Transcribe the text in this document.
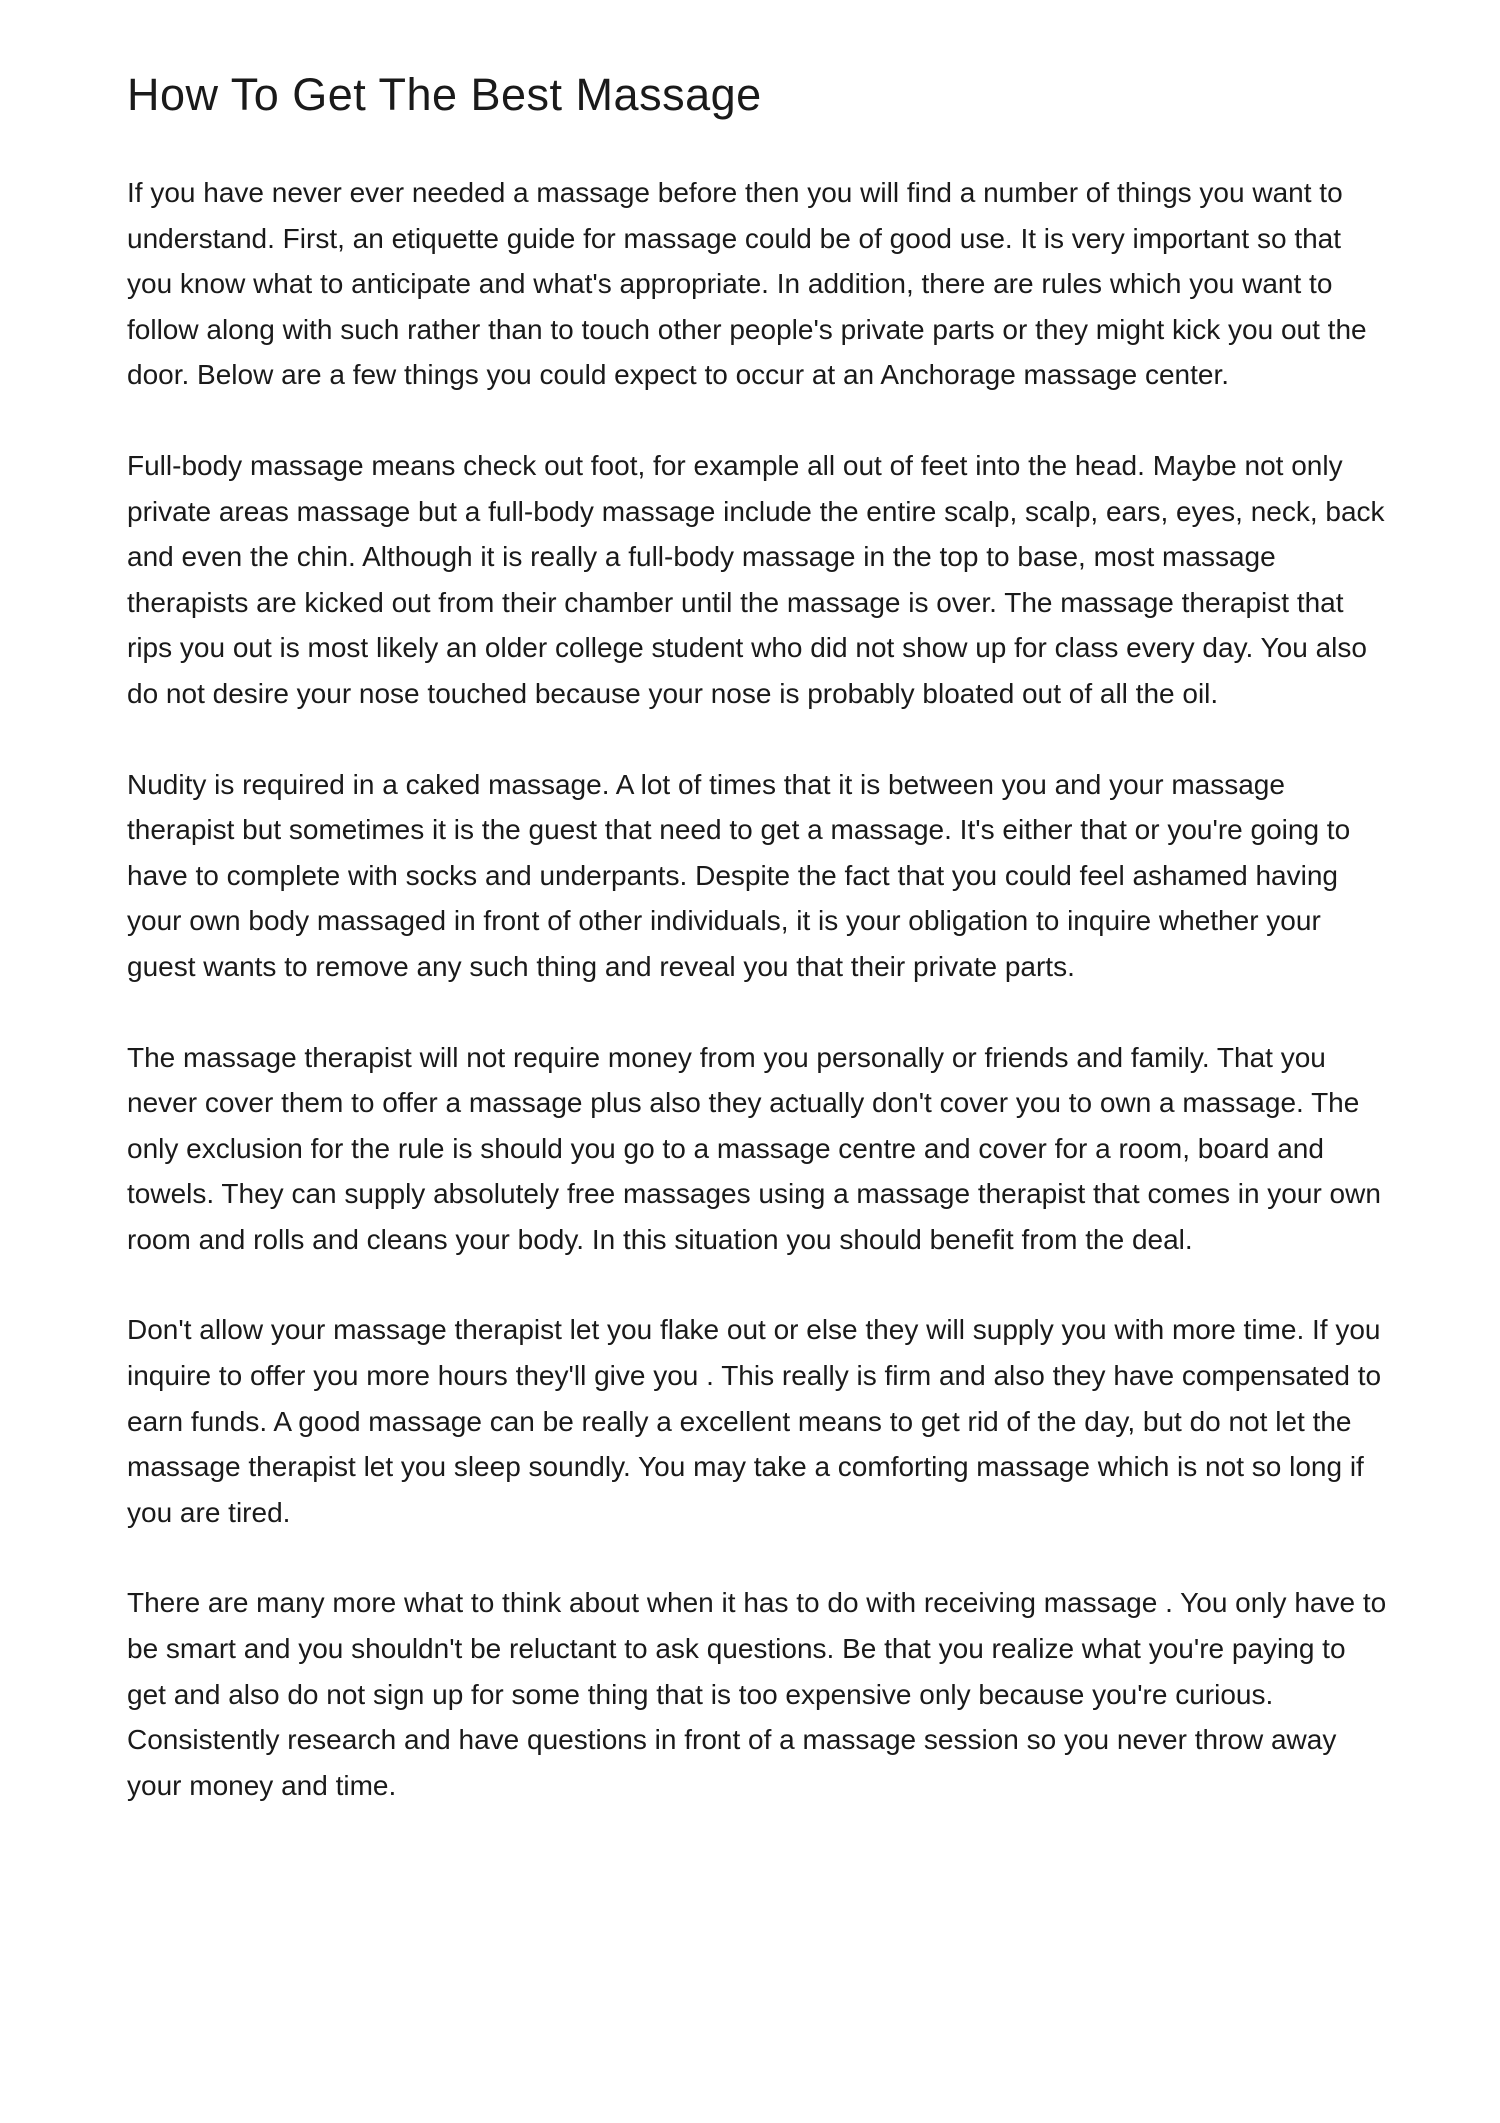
How To Get The Best Massage

If you have never ever needed a massage before then you will find a number of things you want to understand. First, an etiquette guide for massage could be of good use. It is very important so that you know what to anticipate and what's appropriate. In addition, there are rules which you want to follow along with such rather than to touch other people's private parts or they might kick you out the door. Below are a few things you could expect to occur at an Anchorage massage center.

Full-body massage means check out foot, for example all out of feet into the head. Maybe not only private areas massage but a full-body massage include the entire scalp, scalp, ears, eyes, neck, back and even the chin. Although it is really a full-body massage in the top to base, most massage therapists are kicked out from their chamber until the massage is over. The massage therapist that rips you out is most likely an older college student who did not show up for class every day. You also do not desire your nose touched because your nose is probably bloated out of all the oil.

Nudity is required in a caked massage. A lot of times that it is between you and your massage therapist but sometimes it is the guest that need to get a massage. It's either that or you're going to have to complete with socks and underpants. Despite the fact that you could feel ashamed having your own body massaged in front of other individuals, it is your obligation to inquire whether your guest wants to remove any such thing and reveal you that their private parts.

The massage therapist will not require money from you personally or friends and family. That you never cover them to offer a massage plus also they actually don't cover you to own a massage. The only exclusion for the rule is should you go to a massage centre and cover for a room, board and towels. They can supply absolutely free massages using a massage therapist that comes in your own room and rolls and cleans your body. In this situation you should benefit from the deal.

Don't allow your massage therapist let you flake out or else they will supply you with more time. If you inquire to offer you more hours they'll give you . This really is firm and also they have compensated to earn funds. A good massage can be really a excellent means to get rid of the day, but do not let the massage therapist let you sleep soundly. You may take a comforting massage which is not so long if you are tired.

There are many more what to think about when it has to do with receiving massage . You only have to be smart and you shouldn't be reluctant to ask questions. Be that you realize what you're paying to get and also do not sign up for some thing that is too expensive only because you're curious. Consistently research and have questions in front of a massage session so you never throw away your money and time.
